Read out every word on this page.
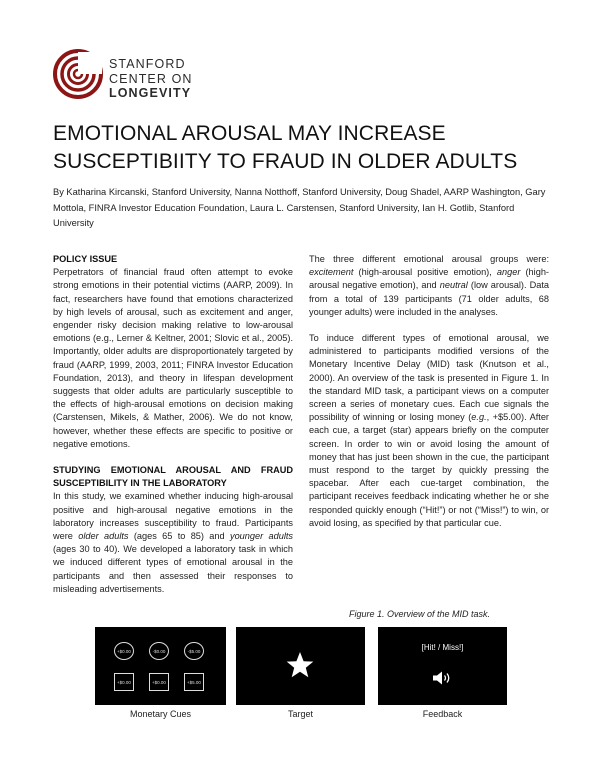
STANFORD
CENTER ON
LONGEVITY
EMOTIONAL AROUSAL MAY INCREASE
SUSCEPTIBIITY TO FRAUD IN OLDER ADULTS
By Katharina Kircanski, Stanford University, Nanna Notthoff, Stanford University, Doug Shadel, AARP Washington, Gary Mottola, FINRA Investor Education Foundation, Laura L. Carstensen, Stanford University, Ian H. Gotlib, Stanford University
POLICY ISSUE

Perpetrators of financial fraud often attempt to evoke strong emotions in their potential victims (AARP, 2009). In fact, researchers have found that emotions characterized by high levels of arousal, such as excitement and anger, engender risky decision making relative to low-arousal emotions (e.g., Lerner & Keltner, 2001; Slovic et al., 2005). Importantly, older adults are disproportionately targeted by fraud (AARP, 1999, 2003, 2011; FINRA Investor Education Foundation, 2013), and theory in lifespan development suggests that older adults are particularly susceptible to the effects of high-arousal emotions on decision making (Carstensen, Mikels, & Mather, 2006). We do not know, however, whether these effects are specific to positive or negative emotions.

STUDYING EMOTIONAL AROUSAL AND FRAUD SUSCEPTIBILITY IN THE LABORATORY

In this study, we examined whether inducing high-arousal positive and high-arousal negative emotions in the laboratory increases susceptibility to fraud. Participants were older adults (ages 65 to 85) and younger adults (ages 30 to 40). We developed a laboratory task in which we induced different types of emotional arousal in the participants and then assessed their responses to misleading advertisements.

The three different emotional arousal groups were: excitement (high-arousal positive emotion), anger (high-arousal negative emotion), and neutral (low arousal). Data from a total of 139 participants (71 older adults, 68 younger adults) were included in the analyses.

To induce different types of emotional arousal, we administered to participants modified versions of the Monetary Incentive Delay (MID) task (Knutson et al., 2000). An overview of the task is presented in Figure 1. In the standard MID task, a participant views on a computer screen a series of monetary cues. Each cue signals the possibility of winning or losing money (e.g., +$5.00). After each cue, a target (star) appears briefly on the computer screen. In order to win or avoid losing the amount of money that has just been shown in the cue, the participant must respond to the target by quickly pressing the spacebar. After each cue-target combination, the participant receives feedback indicating whether he or she responded quickly enough (“Hit!”) or not (“Miss!”) to win, or avoid losing, as specified by that particular cue.

Figure 1. Overview of the MID task.
+$0.00	-$0.00	-$5.00
+$0.00	+$0.00	+$5.00
[Hit! / Miss!]
Monetary Cues	Target	Feedback
